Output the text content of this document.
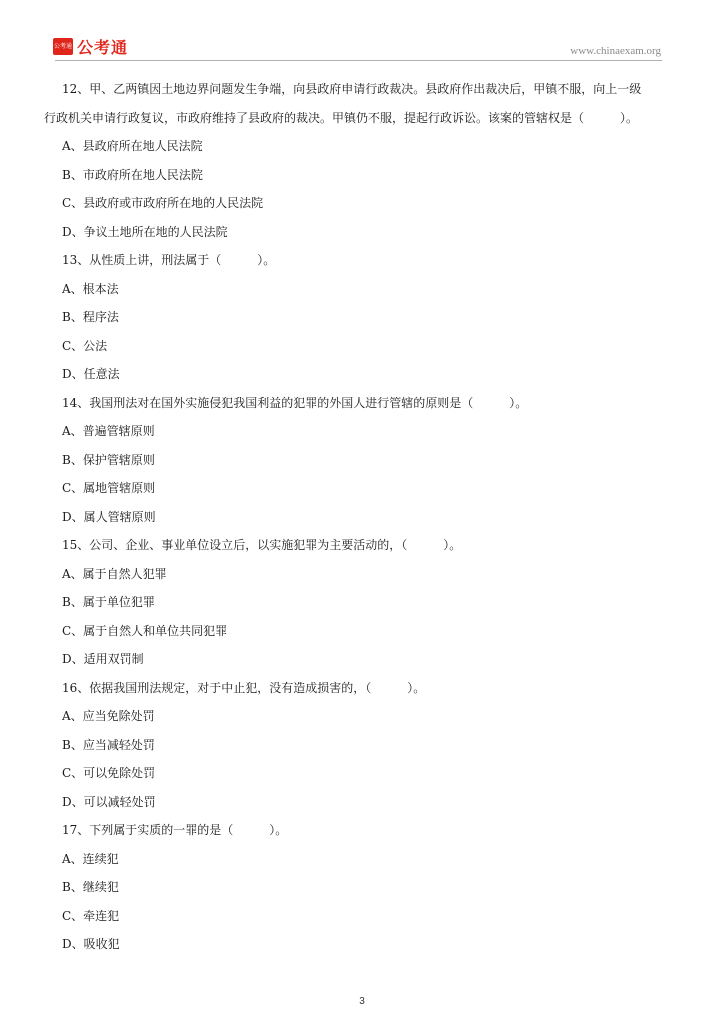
公考通 公考通	www.chinaexam.org
12、甲、乙两镇因土地边界问题发生争端，向县政府申请行政裁决。县政府作出裁决后，甲镇不服，向上一级
行政机关申请行政复议，市政府维持了县政府的裁决。甲镇仍不服，提起行政诉讼。该案的管辖权是（　　　）。
A、县政府所在地人民法院
B、市政府所在地人民法院
C、县政府或市政府所在地的人民法院
D、争议土地所在地的人民法院
13、从性质上讲，刑法属于（　　　）。
A、根本法
B、程序法
C、公法
D、任意法
14、我国刑法对在国外实施侵犯我国利益的犯罪的外国人进行管辖的原则是（　　　）。
A、普遍管辖原则
B、保护管辖原则
C、属地管辖原则
D、属人管辖原则
15、公司、企业、事业单位设立后，以实施犯罪为主要活动的，（　　　）。
A、属于自然人犯罪
B、属于单位犯罪
C、属于自然人和单位共同犯罪
D、适用双罚制
16、依据我国刑法规定，对于中止犯，没有造成损害的，（　　　）。
A、应当免除处罚
B、应当减轻处罚
C、可以免除处罚
D、可以减轻处罚
17、下列属于实质的一罪的是（　　　）。
A、连续犯
B、继续犯
C、牵连犯
D、吸收犯
3
